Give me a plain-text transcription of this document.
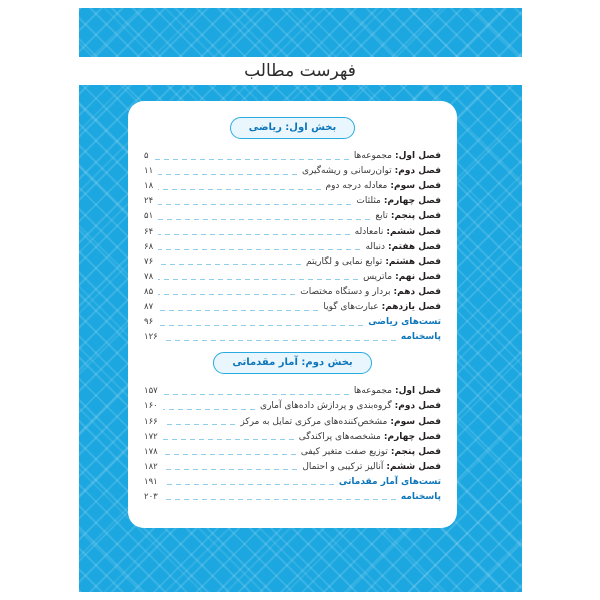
فهرست مطالب
بخش اول: ریاضی
فصل اول:
مجموعه‌ها
۵
فصل دوم:
توان‌رسانی و ریشه‌گیری
۱۱
فصل سوم:
معادله درجه دوم
۱۸
فصل چهارم:
مثلثات
۲۴
فصل پنجم:
تابع
۵۱
فصل ششم:
نامعادله
۶۴
فصل هفتم:
دنباله
۶۸
فصل هشتم:
توابع نمایی و لگاریتم
۷۶
فصل نهم:
ماتریس
۷۸
فصل دهم:
بردار و دستگاه مختصات
۸۵
فصل یازدهم:
عبارت‌های گویا
۸۷
تست‌های ریاضی
۹۶
پاسخنامه
۱۲۶
بخش دوم: آمار مقدماتی
فصل اول:
مجموعه‌ها
۱۵۷
فصل دوم:
گروه‌بندی و پردازش داده‌های آماری
۱۶۰
فصل سوم:
مشخص‌کننده‌های مرکزی تمایل به مرکز
۱۶۶
فصل چهارم:
مشخصه‌های پراکندگی
۱۷۲
فصل پنجم:
توزیع صفت متغیر کیفی
۱۷۸
فصل ششم:
آنالیز ترکیبی و احتمال
۱۸۲
تست‌های آمار مقدماتی
۱۹۱
پاسخنامه
۲۰۳
